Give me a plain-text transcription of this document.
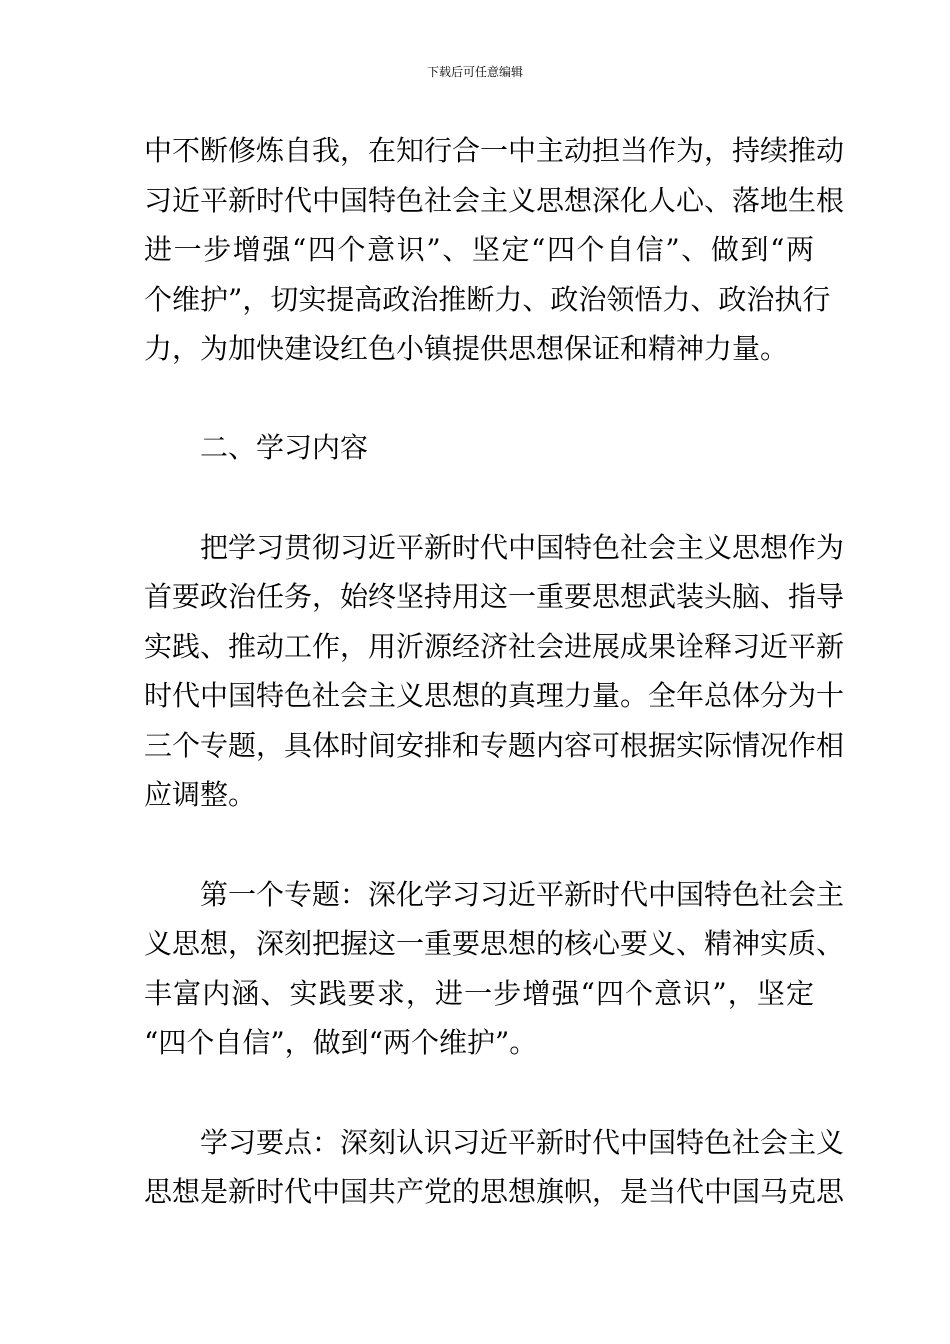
下载后可任意编辑
中不断修炼自我，在知行合一中主动担当作为，持续推动
习近平新时代中国特色社会主义思想深化人心、落地生根
进一步增强“四个意识”、坚定“四个自信”、做到“两
个维护”，切实提高政治推断力、政治领悟力、政治执行
力，为加快建设红色小镇提供思想保证和精神力量。
二、学习内容
把学习贯彻习近平新时代中国特色社会主义思想作为
首要政治任务，始终坚持用这一重要思想武装头脑、指导
实践、推动工作，用沂源经济社会进展成果诠释习近平新
时代中国特色社会主义思想的真理力量。全年总体分为十
三个专题，具体时间安排和专题内容可根据实际情况作相
应调整。
第一个专题：深化学习习近平新时代中国特色社会主
义思想，深刻把握这一重要思想的核心要义、精神实质、
丰富内涵、实践要求，进一步增强“四个意识”，坚定
“四个自信”，做到“两个维护”。
学习要点：深刻认识习近平新时代中国特色社会主义
思想是新时代中国共产党的思想旗帜，是当代中国马克思
